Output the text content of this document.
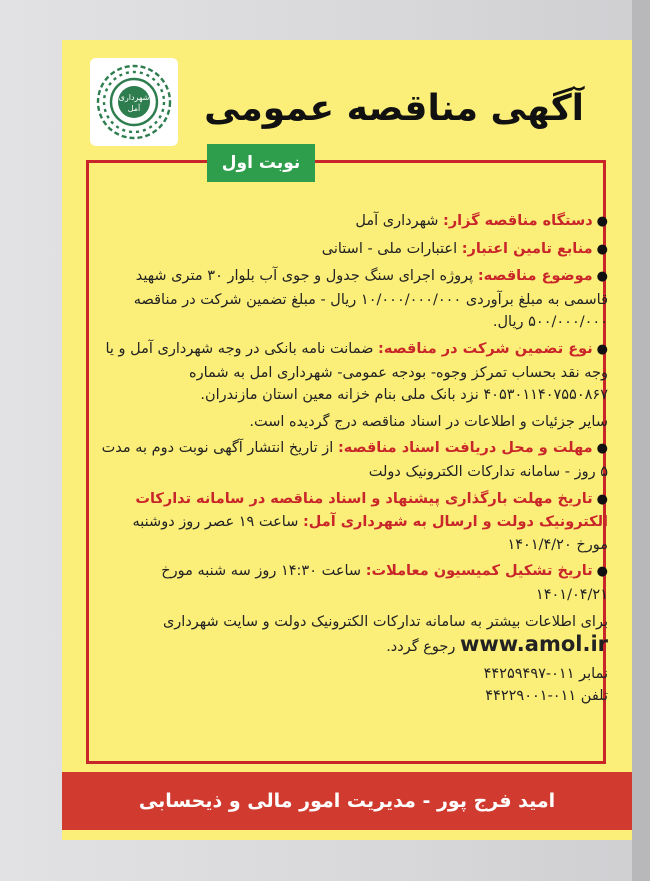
شهرداری
آمل آگهی مناقصه عمومی
نوبت اول

●دستگاه مناقصه گزار: شهرداری آمل

●منابع تامین اعتبار: اعتبارات ملی - استانی

●موضوع مناقصه: پروژه اجرای سنگ جدول و جوی آب بلوار ۳۰ متری شهید قاسمی به مبلغ برآوردی ۱۰/۰۰۰/۰۰۰/۰۰۰ ریال - مبلغ تضمین شرکت در مناقصه ۵۰۰/۰۰۰/۰۰۰ ریال.

●نوع تضمین شرکت در مناقصه: ضمانت نامه بانکی در وجه شهرداری آمل و یا وجه نقد بحساب تمرکز وجوه- بودجه عمومی- شهرداری امل به شماره ۴۰۵۳۰۱۱۴۰۷۵۵۰۸۶۷ نزد بانک ملی بنام خزانه معین استان مازندران.

سایر جزئیات و اطلاعات در اسناد مناقصه درج گردیده است.

●مهلت و محل دریافت اسناد مناقصه: از تاریخ انتشار آگهی نوبت دوم به مدت ۵ روز - سامانه تدارکات الکترونیک دولت

●تاریخ مهلت بارگذاری پیشنهاد و اسناد مناقصه در سامانه تدارکات الکترونیک دولت و ارسال به شهرداری آمل: ساعت ۱۹ عصر روز دوشنبه مورخ ۱۴۰۱/۴/۲۰

●تاریخ تشکیل کمیسیون معاملات: ساعت ۱۴:۳۰ روز سه شنبه مورخ ۱۴۰۱/۰۴/۲۱

برای اطلاعات بیشتر به سامانه تدارکات الکترونیک دولت و سایت شهرداری www.amol.ir رجوع گردد.

نمابر ۰۱۱-۴۴۲۵۹۴۹۷

تلفن ۰۱۱-۴۴۲۲۹۰۰۱

امید فرج پور - مدیریت امور مالی و ذیحسابی
